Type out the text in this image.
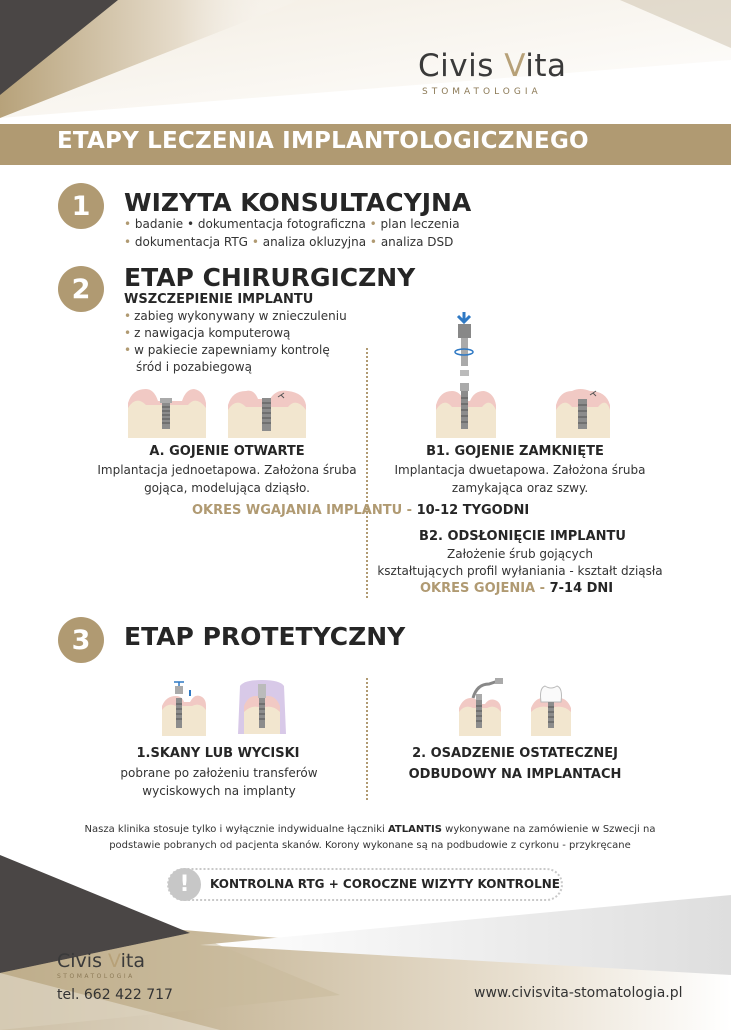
Civis Vita
STOMATOLOGIA
ETAPY LECZENIA IMPLANTOLOGICZNEGO
1	WIZYTA KONSULTACYJNA
• badanie • dokumentacja fotograficzna • plan leczenia
• dokumentacja RTG • analiza okluzyjna • analiza DSD
2	ETAP CHIRURGICZNY
WSZCZEPIENIE IMPLANTU
• zabieg wykonywany w znieczuleniu
• z nawigacja komputerową
• w pakiecie zapewniamy kontrolę
śród i pozabiegową
A. GOJENIE OTWARTE
Implantacja jednoetapowa. Założona śruba
gojąca, modelująca dziąsło.
B1. GOJENIE ZAMKNIĘTE
Implantacja dwuetapowa. Założona śruba
zamykająca oraz szwy.
OKRES WGAJANIA IMPLANTU - 10-12 TYGODNI
B2. ODSŁONIĘCIE IMPLANTU
Założenie śrub gojących
kształtujących profil wyłaniania - kształt dziąsła
OKRES GOJENIA - 7-14 DNI
3	ETAP PROTETYCZNY
1.SKANY LUB WYCISKI
pobrane po założeniu transferów
wyciskowych na implanty
2. OSADZENIE OSTATECZNEJ
ODBUDOWY NA IMPLANTACH
Nasza klinika stosuje tylko i wyłącznie indywidualne łączniki ATLANTIS wykonywane na zamówienie w Szwecji na
podstawie pobranych od pacjenta skanów. Korony wykonane są na podbudowie z cyrkonu - przykręcane
!	KONTROLNA RTG + COROCZNE WIZYTY KONTROLNE
Civis Vita
STOMATOLOGIA
tel. 662 422 717	www.civisvita-stomatologia.pl
